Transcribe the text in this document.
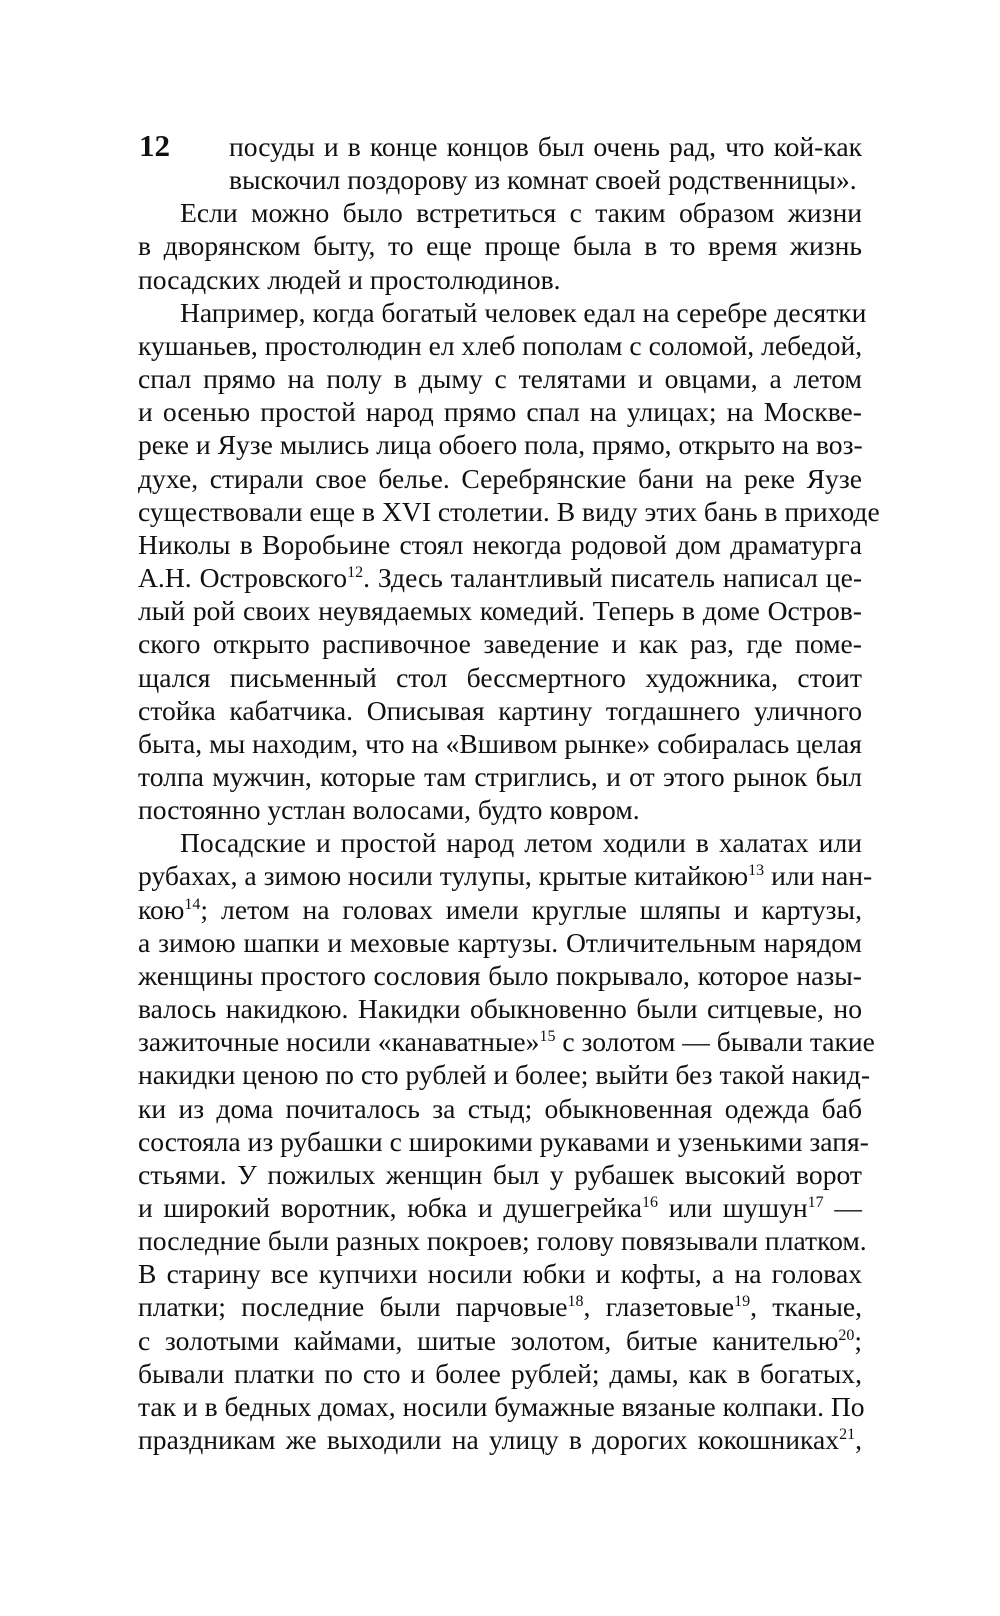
12	посуды и в конце концов был очень рад, что кой-как
выскочил поздорову из комнат своей родственницы».

Если можно было встретиться с таким образом жизни
в дворянском быту, то еще проще была в то время жизнь
посадских людей и простолюдинов.

Например, когда богатый человек едал на серебре десятки
кушаньев, простолюдин ел хлеб пополам с соломой, лебедой,
спал прямо на полу в дыму с телятами и овцами, а летом
и осенью простой народ прямо спал на улицах; на Москве-
реке и Яузе мылись лица обоего пола, прямо, открыто на воз-
духе, стирали свое белье. Серебрянские бани на реке Яузе
существовали еще в XVI столетии. В виду этих бань в приходе
Николы в Воробьине стоял некогда родовой дом драматурга
А.Н. Островского$^{12}$. Здесь талантливый писатель написал це-
лый рой своих неувядаемых комедий. Теперь в доме Остров-
ского открыто распивочное заведение и как раз, где поме-
щался письменный стол бессмертного художника, стоит
стойка кабатчика. Описывая картину тогдашнего уличного
быта, мы находим, что на «Вшивом рынке» собиралась целая
толпа мужчин, которые там стриглись, и от этого рынок был
постоянно устлан волосами, будто ковром.

Посадские и простой народ летом ходили в халатах или
рубахах, а зимою носили тулупы, крытые китайкою$^{13}$ или нан-
кою$^{14}$; летом на головах имели круглые шляпы и картузы,
а зимою шапки и меховые картузы. Отличительным нарядом
женщины простого сословия было покрывало, которое назы-
валось накидкою. Накидки обыкновенно были ситцевые, но
зажиточные носили «канаватные»$^{15}$ с золотом — бывали такие
накидки ценою по сто рублей и более; выйти без такой накид-
ки из дома почиталось за стыд; обыкновенная одежда баб
состояла из рубашки с широкими рукавами и узенькими запя-
стьями. У пожилых женщин был у рубашек высокий ворот
и широкий воротник, юбка и душегрейка$^{16}$ или шушун$^{17}$ —
последние были разных покроев; голову повязывали платком.
В старину все купчихи носили юбки и кофты, а на головах
платки; последние были парчовые$^{18}$, глазетовые$^{19}$, тканые,
с золотыми каймами, шитые золотом, битые канителью$^{20}$;
бывали платки по сто и более рублей; дамы, как в богатых,
так и в бедных домах, носили бумажные вязаные колпаки. По
праздникам же выходили на улицу в дорогих кокошниках$^{21}$,
